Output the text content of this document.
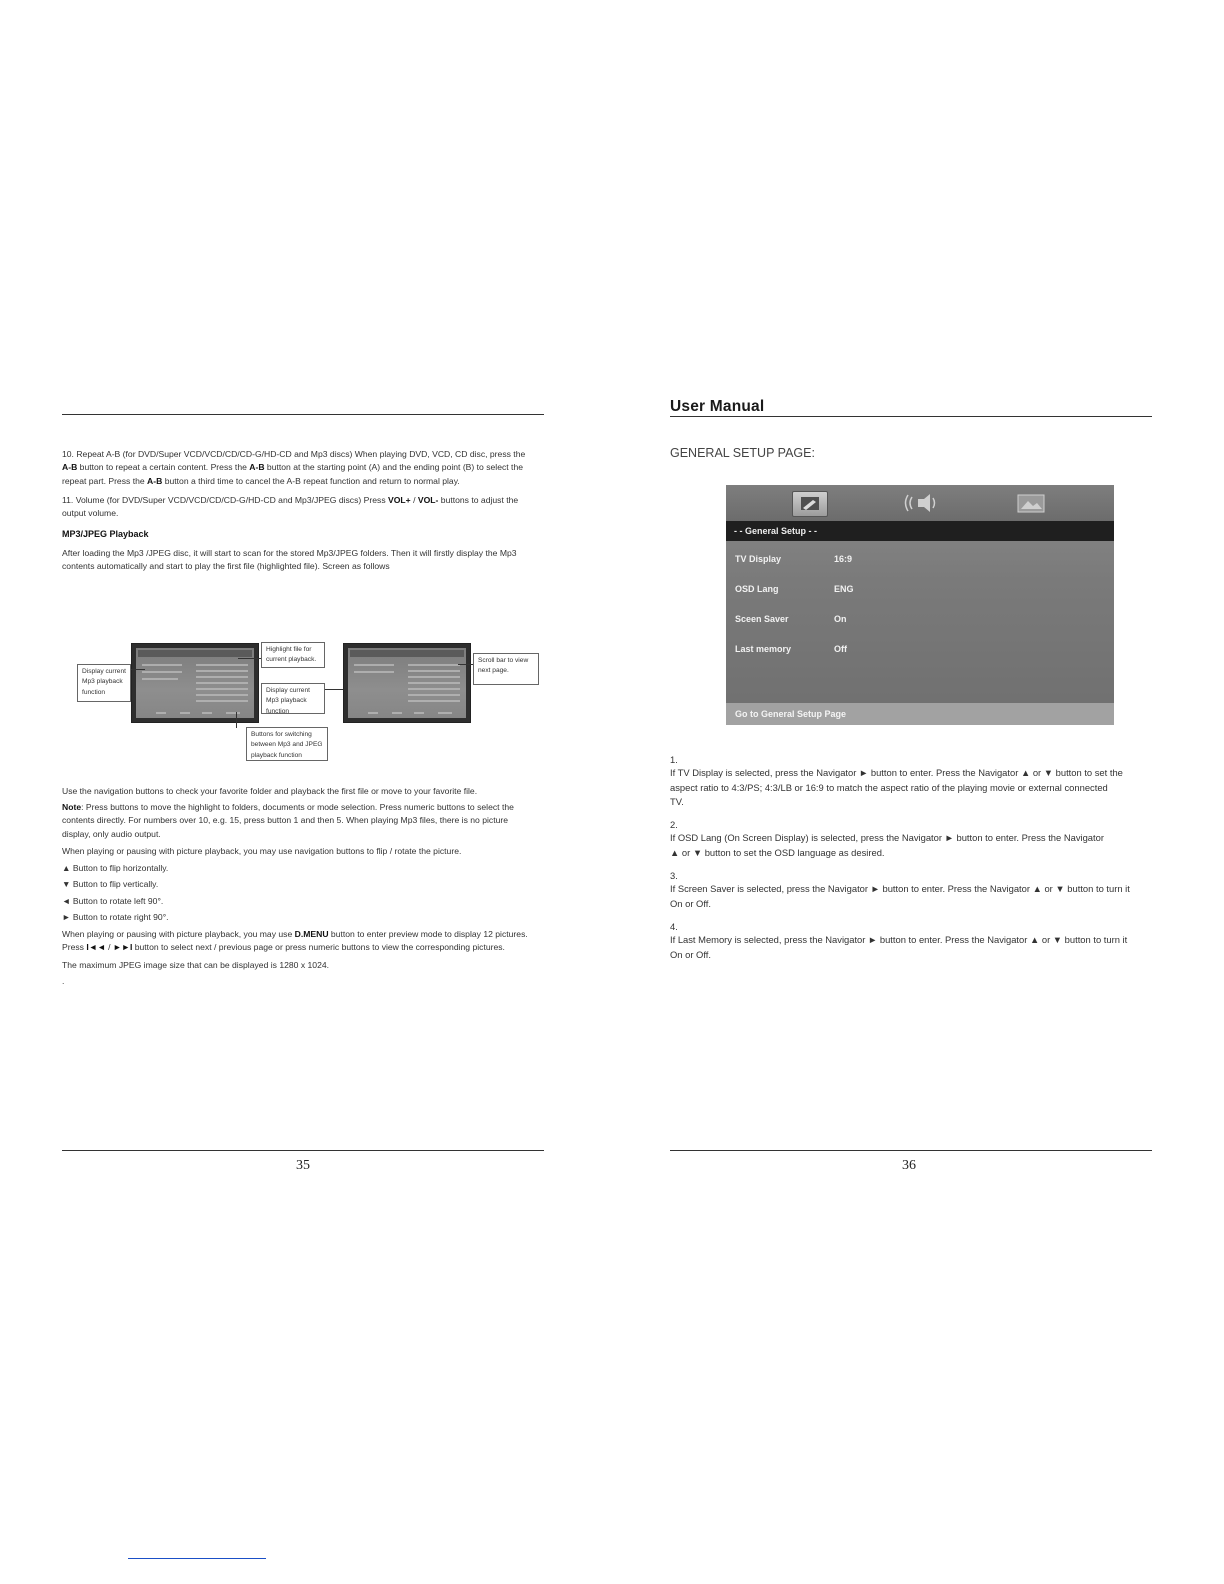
10. Repeat A-B (for DVD/Super VCD/VCD/CD/CD-G/HD-CD and Mp3 discs) When playing DVD, VCD, CD disc, press the
A-B button to repeat a certain content. Press the A-B button at the starting point (A) and the ending point (B) to select the
repeat part. Press the A-B button a third time to cancel the A-B repeat function and return to normal play.
11. Volume (for DVD/Super VCD/VCD/CD/CD-G/HD-CD and Mp3/JPEG discs) Press VOL+ / VOL- buttons to adjust the
output volume.
MP3/JPEG Playback
After loading the Mp3 /JPEG disc, it will start to scan for the stored Mp3/JPEG folders. Then it will firstly display the Mp3
contents automatically and start to play the first file (highlighted file). Screen as follows
Display current Mp3 playback function
Highlight file for current playback.
Display current Mp3 playback function
Buttons for switching between Mp3 and JPEG playback function
Scroll bar to view next page.
Use the navigation buttons to check your favorite folder and playback the first file or move to your favorite file.
Note: Press buttons to move the highlight to folders, documents or mode selection. Press numeric buttons to select the
contents directly. For numbers over 10, e.g. 15, press button 1 and then 5. When playing Mp3 files, there is no picture
display, only audio output.
When playing or pausing with picture playback, you may use navigation buttons to flip / rotate the picture.
▲ Button to flip horizontally.
▼ Button to flip vertically.
◄ Button to rotate left 90°.
► Button to rotate right 90°.
When playing or pausing with picture playback, you may use D.MENU button to enter preview mode to display 12 pictures.
Press I◄◄ / ►►I button to select next / previous page or press numeric buttons to view the corresponding pictures.
The maximum JPEG image size that can be displayed is 1280 x 1024.
.
35
User Manual
GENERAL SETUP PAGE:
- - General Setup - -
TV Display	16:9
OSD Lang	ENG
Sceen Saver	On
Last memory	Off
Go to General Setup Page
1.
If TV Display is selected, press the Navigator ► button to enter. Press the Navigator ▲ or ▼ button to set the
aspect ratio to 4:3/PS; 4:3/LB or 16:9 to match the aspect ratio of the playing movie or external connected
TV.
2.
If OSD Lang (On Screen Display) is selected, press the Navigator ► button to enter. Press the Navigator
▲ or ▼ button to set the OSD language as desired.
3.
If Screen Saver is selected, press the Navigator ► button to enter. Press the Navigator ▲ or ▼ button to turn it
On or Off.
4.
If Last Memory is selected, press the Navigator ► button to enter. Press the Navigator ▲ or ▼ button to turn it
On or Off.
36
